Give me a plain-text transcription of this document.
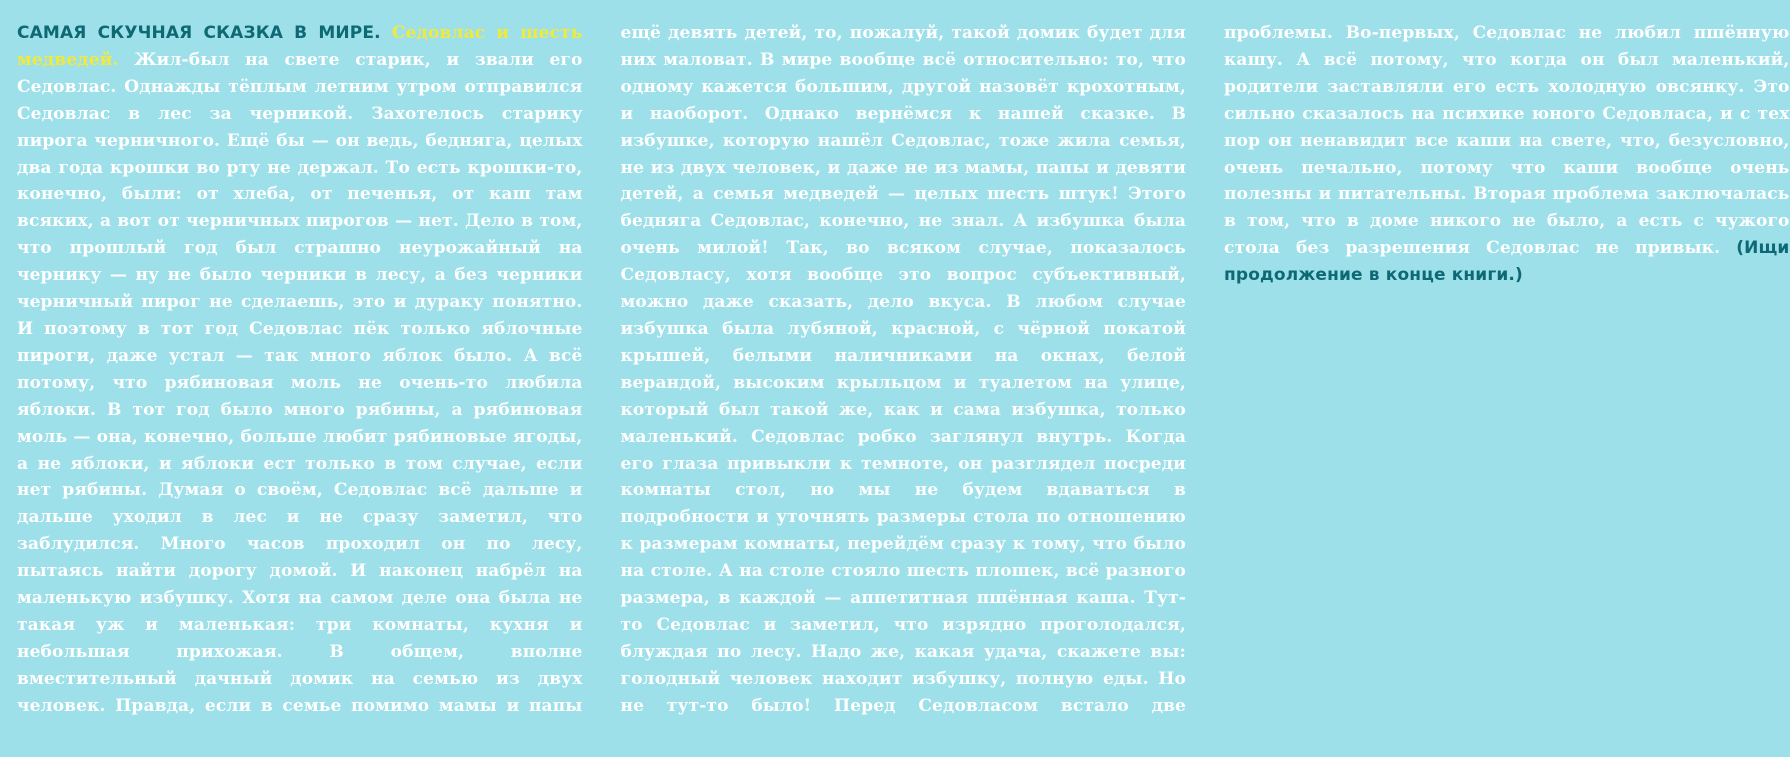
САМАЯ СКУЧНАЯ СКАЗКА В МИРЕ. Седовлас и шесть медведей. Жил-был на свете старик, и звали его Седовлас. Однажды тёплым летним утром отправился Седовлас в лес за черникой. Захотелось старику пирога черничного. Ещё бы — он ведь, бедняга, целых два года крошки во рту не держал. То есть крошки-то, конечно, были: от хлеба, от печенья, от каш там всяких, а вот от черничных пирогов — нет. Дело в том, что прошлый год был страшно неурожайный на чернику — ну не было черники в лесу, а без черники черничный пирог не сделаешь, это и дураку понятно. И поэтому в тот год Седовлас пёк только яблочные пироги, даже устал — так много яблок было. А всё потому, что рябиновая моль не очень-то любила яблоки. В тот год было много рябины, а рябиновая моль — она, конечно, больше любит рябиновые ягоды, а не яблоки, и яблоки ест только в том случае, если нет рябины. Думая о своём, Седовлас всё дальше и дальше уходил в лес и не сразу заметил, что заблудился. Много часов проходил он по лесу, пытаясь найти дорогу домой. И наконец набрёл на маленькую избушку. Хотя на самом деле она была не такая уж и маленькая: три комнаты, кухня и небольшая прихожая. В общем, вполне вместительный дачный домик на семью из двух человек. Правда, если в семье помимо мамы и папы ещё девять детей, то, пожалуй, такой домик будет для них маловат. В мире вообще всё относительно: то, что одному кажется большим, другой назовёт крохотным, и наоборот. Однако вернёмся к нашей сказке. В избушке, которую нашёл Седовлас, тоже жила семья, не из двух человек, и даже не из мамы, папы и девяти детей, а семья медведей — целых шесть штук! Этого бедняга Седовлас, конечно, не знал. А избушка была очень милой! Так, во всяком случае, показалось Седовласу, хотя вообще это вопрос субъективный, можно даже сказать, дело вкуса. В любом случае избушка была лубяной, красной, с чёрной покатой крышей, белыми наличниками на окнах, белой верандой, высоким крыльцом и туалетом на улице, который был такой же, как и сама избушка, только маленький. Седовлас робко заглянул внутрь. Когда его глаза привыкли к темноте, он разглядел посреди комнаты стол, но мы не будем вдаваться в подробности и уточнять размеры стола по отношению к размерам комнаты, перейдём сразу к тому, что было на столе. А на столе стояло шесть плошек, всё разного размера, в каждой — аппетитная пшённая каша. Тут-то Седовлас и заметил, что изрядно проголодался, блуждая по лесу. Надо же, какая удача, скажете вы: голодный человек находит избушку, полную еды. Но не тут-то было! Перед Седовласом встало две проблемы. Во-первых, Седовлас не любил пшённую кашу. А всё потому, что когда он был маленький, родители заставляли его есть холодную овсянку. Это сильно сказалось на психике юного Седовласа, и с тех пор он ненавидит все каши на свете, что, безусловно, очень печально, потому что каши вообще очень полезны и питательны. Вторая проблема заключалась в том, что в доме никого не было, а есть с чужого стола без разрешения Седовлас не привык. (Ищи продолжение в конце книги.)
